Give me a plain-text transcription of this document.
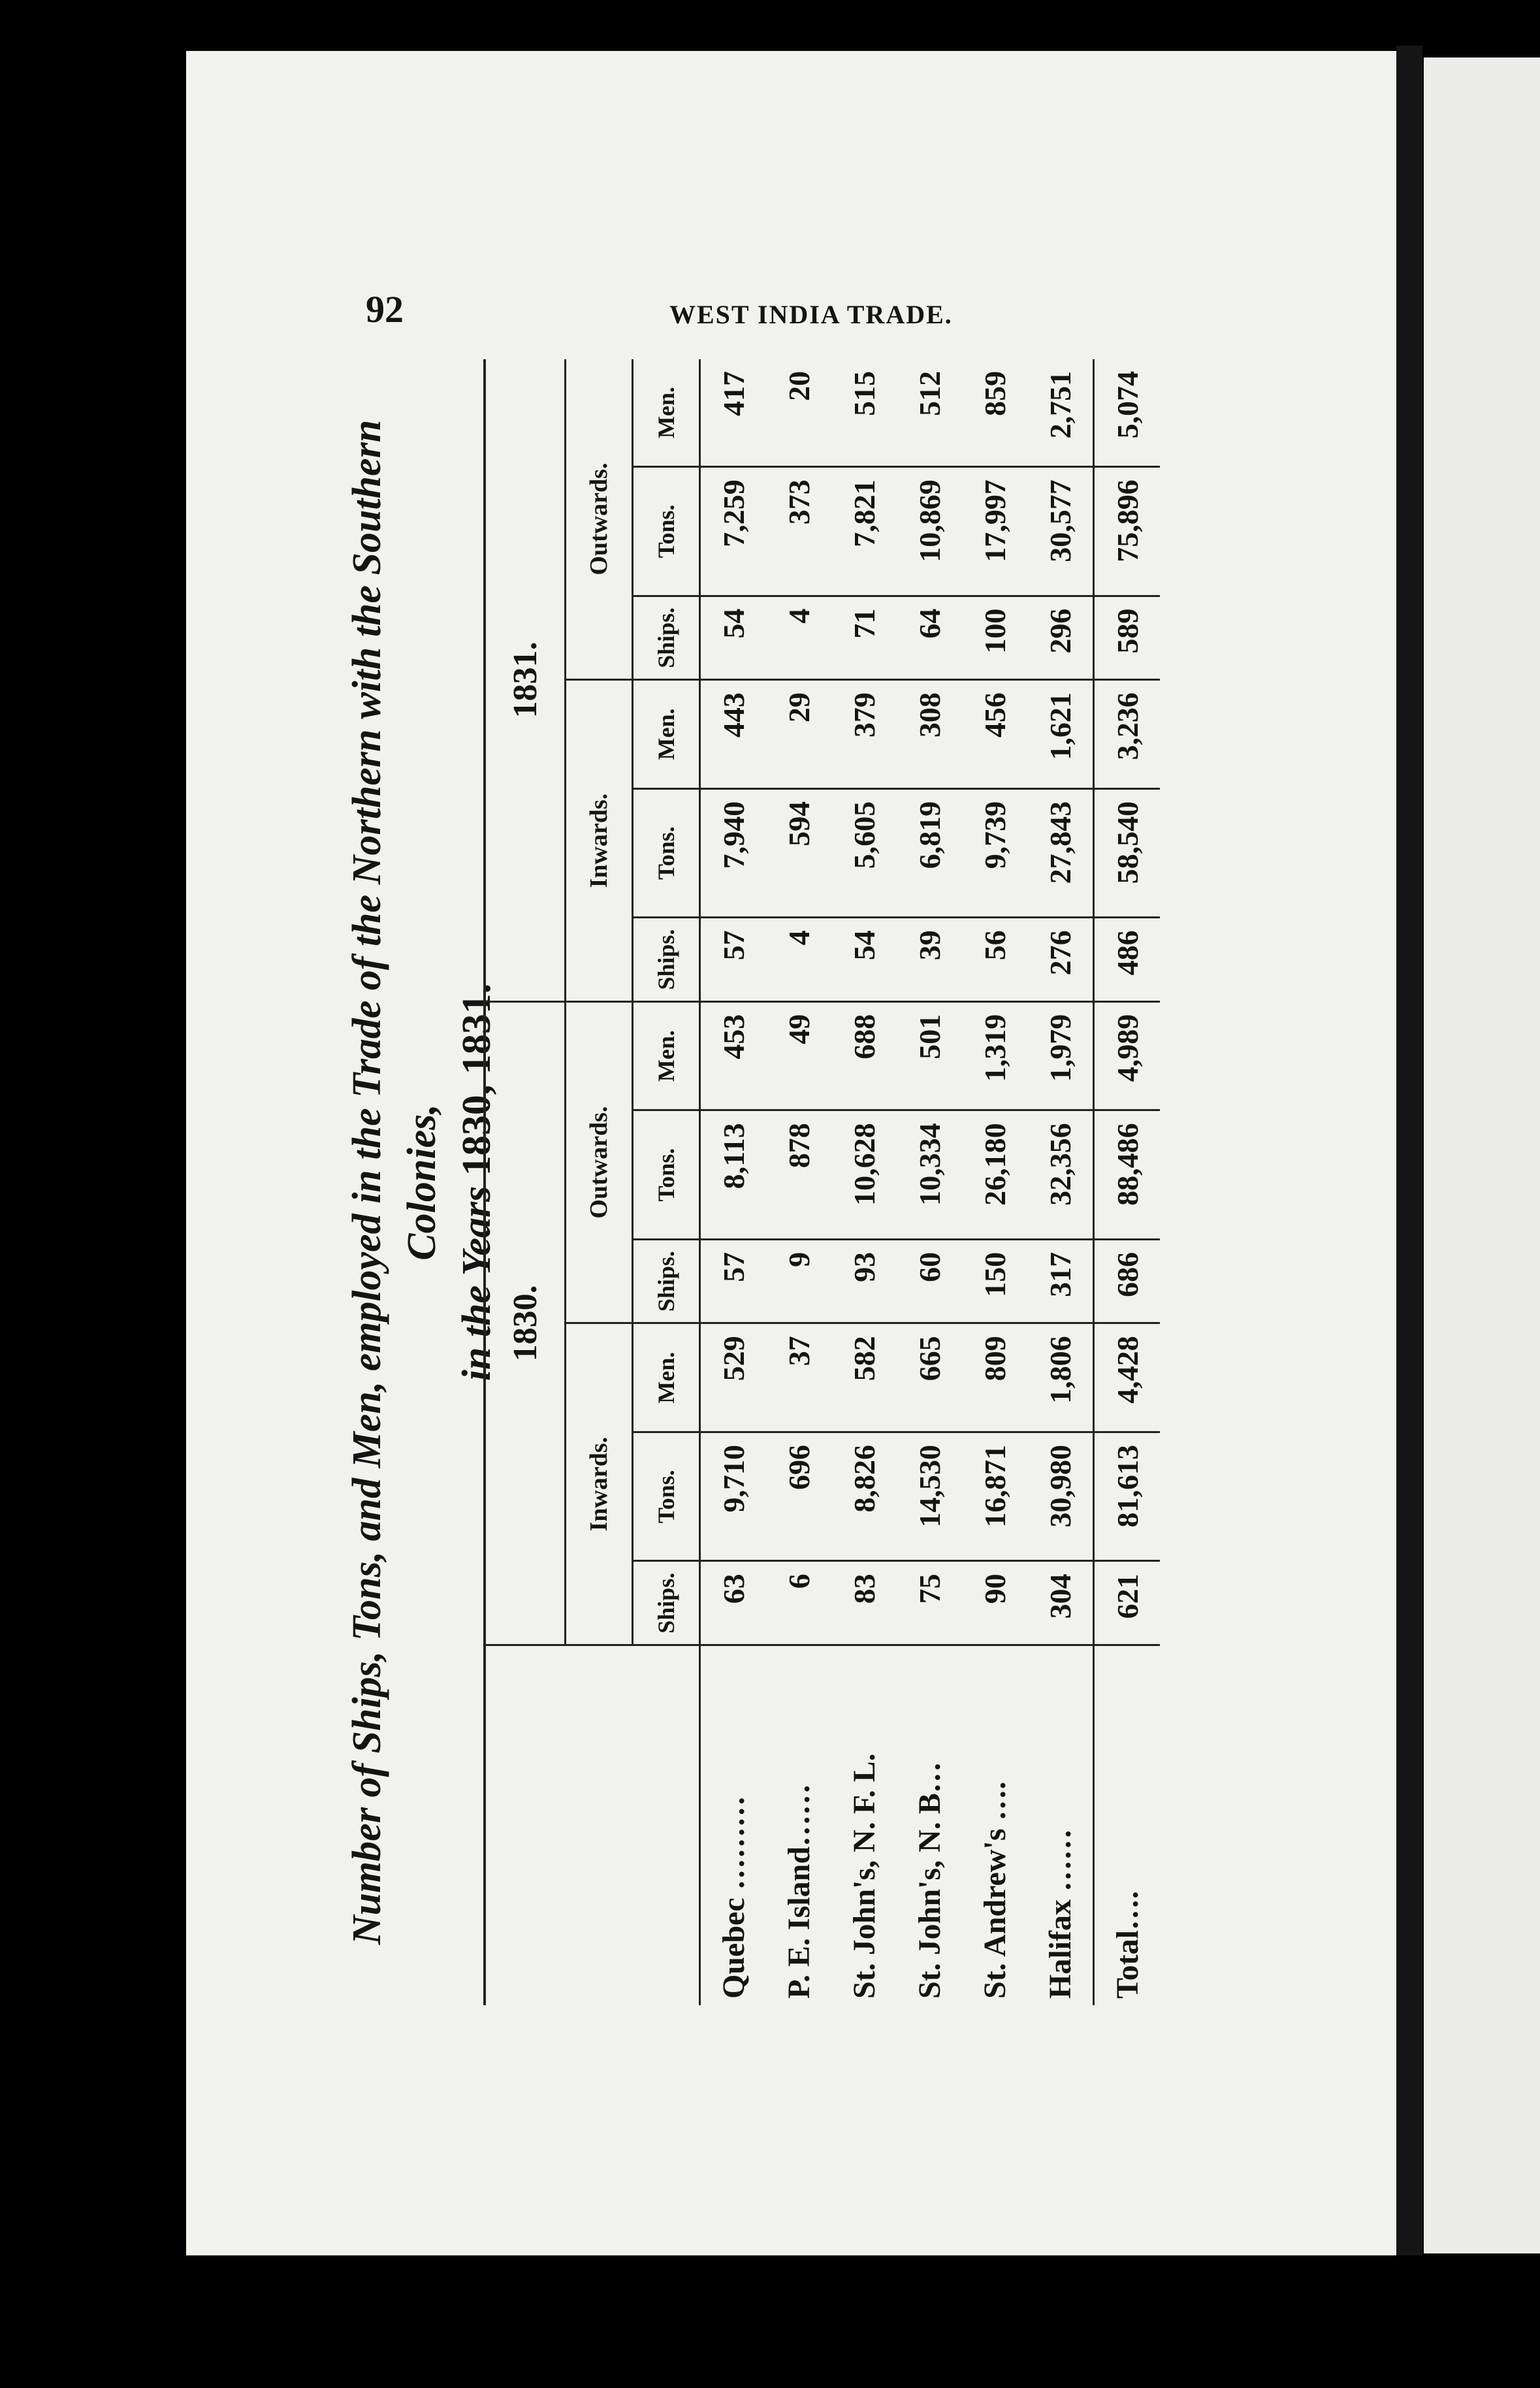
92	WEST INDIA TRADE.
Number of Ships, Tons, and Men, employed in the Trade of the Northern with the Southern Colonies,
in the Years 1830, 1831.
	1830.						1831.					
	Inwards.			Outwards.			Inwards.			Outwards.		
	Ships.	Tons.	Men.	Ships.	Tons.	Men.	Ships.	Tons.	Men.	Ships.	Tons.	Men.
Quebec ………	63	9,710	529	57	8,113	453	57	7,940	443	54	7,259	417
P. E. Island……	6	696	37	9	878	49	4	594	29	4	373	20
St. John's, N. F. L.	83	8,826	582	93	10,628	688	54	5,605	379	71	7,821	515
St. John's, N. B…	75	14,530	665	60	10,334	501	39	6,819	308	64	10,869	512
St. Andrew's ….	90	16,871	809	150	26,180	1,319	56	9,739	456	100	17,997	859
Halifax ……	304	30,980	1,806	317	32,356	1,979	276	27,843	1,621	296	30,577	2,751
Total….	621	81,613	4,428	686	88,486	4,989	486	58,540	3,236	589	75,896	5,074
